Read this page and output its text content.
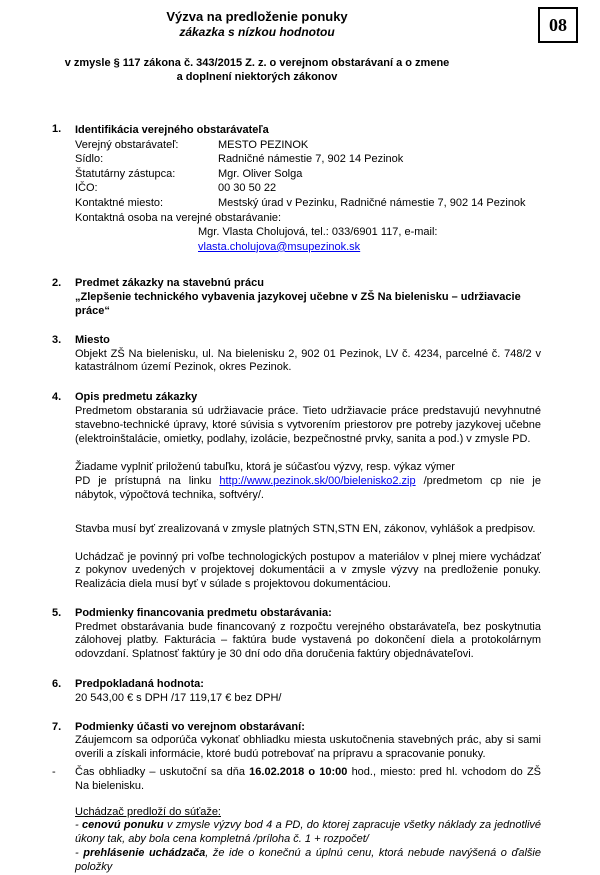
Výzva na predloženie ponuky
zákazka s nízkou hodnotou	08
v zmysle § 117 zákona č. 343/2015 Z. z. o verejnom obstarávaní a o zmene
a doplnení niektorých zákonov
1.	Identifikácia verejného obstarávateľa
Verejný obstarávateľ:	MESTO PEZINOK
Sídlo:	Radničné námestie 7, 902 14 Pezinok
Štatutárny zástupca:	Mgr. Oliver Solga
IČO:	00 30 50 22
Kontaktné miesto:	Mestský úrad v Pezinku, Radničné námestie 7, 902 14 Pezinok
Kontaktná osoba na verejné obstarávanie:
Mgr. Vlasta Cholujová, tel.: 033/6901 117, e-mail:
vlasta.cholujova@msupezinok.sk
2.	Predmet zákazky na stavebnú prácu
„Zlepšenie technického vybavenia jazykovej učebne v ZŠ Na bielenisku – udržiavacie práce“
3.	Miesto
Objekt ZŠ Na bielenisku, ul. Na bielenisku 2, 902 01 Pezinok, LV č. 4234, parcelné č. 748/2 v katastrálnom území Pezinok, okres Pezinok.
4.	Opis predmetu zákazky
Predmetom obstarania sú udržiavacie práce. Tieto udržiavacie práce predstavujú nevyhnutné stavebno-technické úpravy, ktoré súvisia s vytvorením priestorov pre potreby jazykovej učebne (elektroinštalácie, omietky, podlahy, izolácie, bezpečnostné prvky, sanita a pod.) v zmysle PD.
Žiadame vyplniť priloženú tabuľku, ktorá je súčasťou výzvy, resp. výkaz výmer
PD je prístupná na linku http://www.pezinok.sk/00/bielenisko2.zip /predmetom cp nie je nábytok, výpočtová technika, softvéry/.
Stavba musí byť zrealizovaná v zmysle platných STN,STN EN, zákonov, vyhlášok a predpisov.
Uchádzač je povinný pri voľbe technologických postupov a materiálov v plnej miere vychádzať z pokynov uvedených v projektovej dokumentácii a v zmysle výzvy na predloženie ponuky. Realizácia diela musí byť v súlade s projektovou dokumentáciou.
5.	Podmienky financovania predmetu obstarávania:
Predmet obstarávania bude financovaný z rozpočtu verejného obstarávateľa, bez poskytnutia zálohovej platby. Fakturácia – faktúra bude vystavená po dokončení diela a protokolárnym odovzdaní. Splatnosť faktúry je 30 dní odo dňa doručenia faktúry objednávateľovi.
6.	Predpokladaná hodnota:
20 543,00 € s DPH /17 119,17 € bez DPH/
7.	Podmienky účasti vo verejnom obstarávaní:
Záujemcom sa odporúča vykonať obhliadku miesta uskutočnenia stavebných prác, aby si sami overili a získali informácie, ktoré budú potrebovať na prípravu a spracovanie ponuky.
- Čas obhliadky – uskutoční sa dňa 16.02.2018 o 10:00 hod., miesto: pred hl. vchodom do ZŠ Na bielenisku.
Uchádzač predloží do súťaže:
- cenovú ponuku v zmysle výzvy bod 4 a PD, do ktorej zapracuje všetky náklady za jednotlivé úkony tak, aby bola cena kompletná /príloha č. 1 + rozpočet/
- prehlásenie uchádzača, že ide o konečnú a úplnú cenu, ktorá nebude navýšená o ďalšie položky
